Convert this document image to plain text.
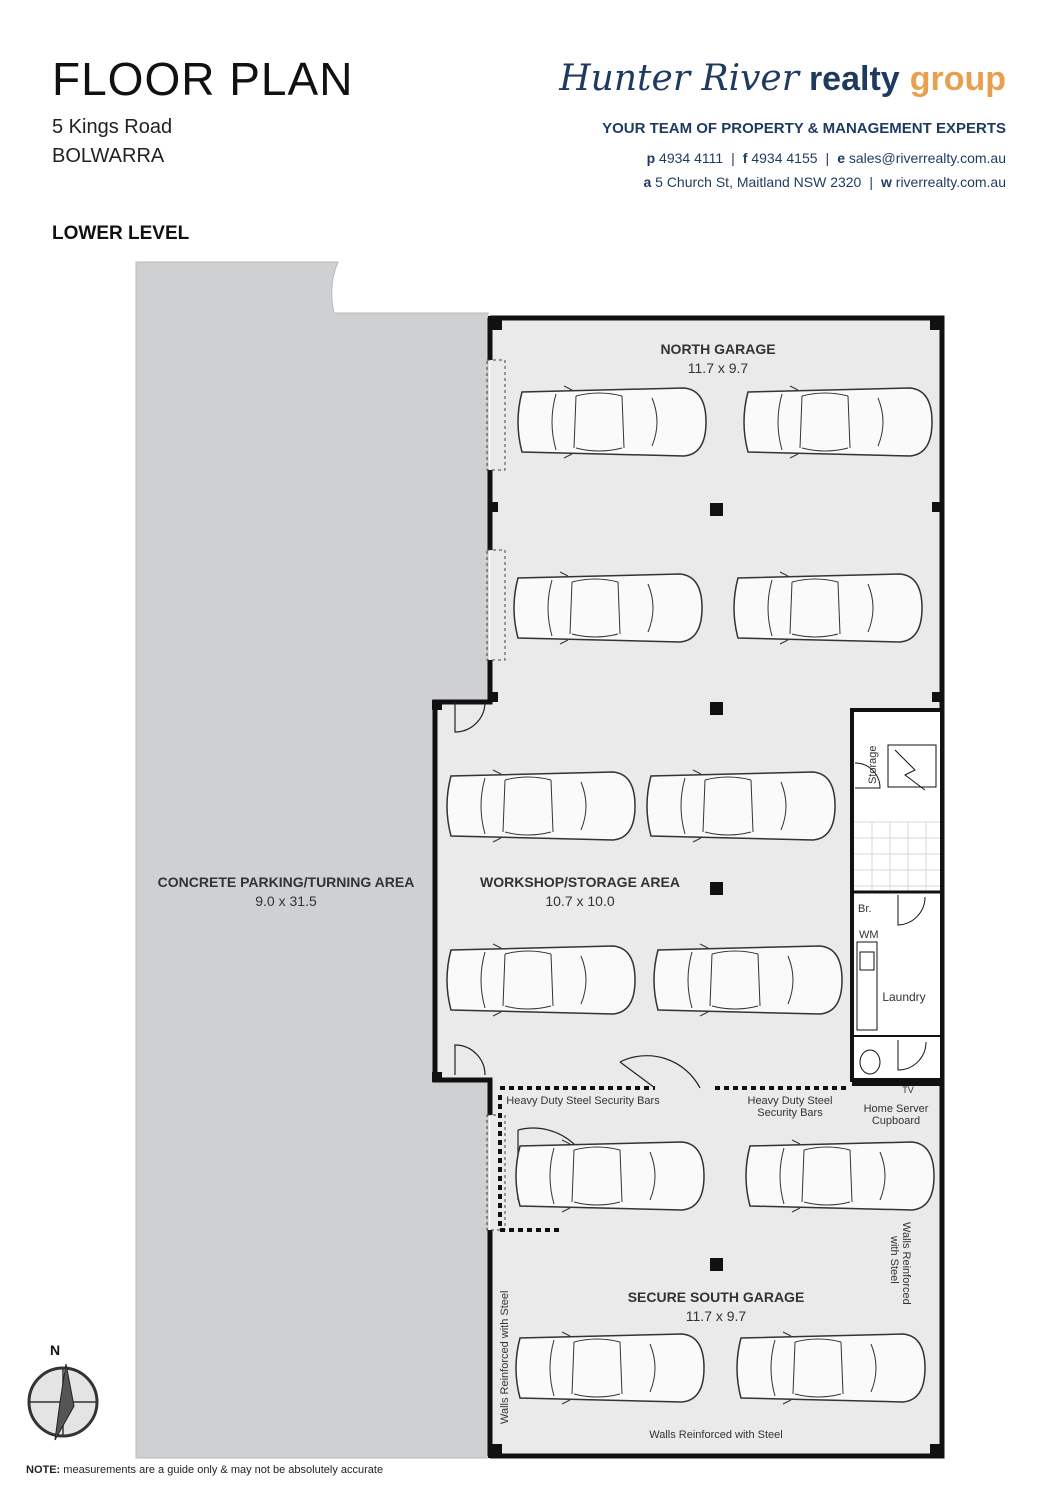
FLOOR PLAN
5 Kings Road
BOLWARRA
LOWER LEVEL
Hunter River realty group
YOUR TEAM OF PROPERTY & MANAGEMENT EXPERTS
p 4934 4111 | f 4934 4155 | e sales@riverrealty.com.au
a 5 Church St, Maitland NSW 2320 | w riverrealty.com.au
NORTH GARAGE
11.7 x 9.7
WORKSHOP/STORAGE AREA
10.7 x 10.0
CONCRETE PARKING/TURNING AREA
9.0 x 31.5
SECURE SOUTH GARAGE
11.7 x 9.7
Laundry
Home Server
Cupboard
TV
Heavy Duty Steel Security Bars	Heavy Duty Steel
Security Bars
Walls Reinforced with Steel
Br.
WM
Storage
Walls Reinforced
with Steel
Walls Reinforced with Steel
N
NOTE: measurements are a guide only & may not be absolutely accurate
